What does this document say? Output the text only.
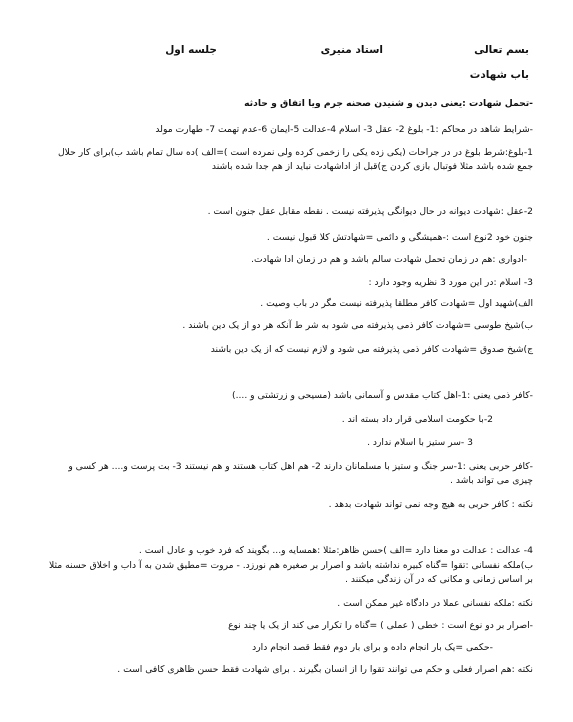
بسم تعالی
استاد منیری
جلسه اول
باب شهادت
-تحمل شهادت :یعنی دیدن و شنیدن صحنه جرم ویا اتفاق و حادثه
-شرایط شاهد در محاکم :1- بلوغ 2- عقل 3- اسلام 4-عدالت 5-ایمان 6-عدم تهمت 7- طهارت مولد
1-بلوغ:شرط بلوغ در در جراحات (یکی زده یکی را زخمی کرده ولی نمرده است )=الف )ده سال تمام باشد ب)برای کار حلال
جمع شده باشد مثلا فوتبال بازی کردن ج)قبل از اداشهادت نباید از هم جدا شده باشند
2-عقل :شهادت دیوانه در حال دیوانگی پذیرفته نیست . نقطه مقابل عقل جنون است .
جنون خود 2نوع است :-همیشگی و دائمی =شهادتش کلا قبول نیست .
-ادواری :هم در زمان تحمل شهادت سالم باشد و هم در زمان ادا شهادت.
3- اسلام :در این مورد 3 نظریه وجود دارد :
الف)شهید اول =شهادت کافر مطلقا پذیرفته نیست مگر در باب وصیت .
ب)شیخ طوسی =شهادت کافر ذمی پذیرفته می شود به شر ط آنکه هر دو از یک دین باشند .
ج)شیخ صدوق =شهادت کافر ذمی پذیرفته می شود و لازم نیست که از یک دین باشند
-کافر ذمی یعنی :1-اهل کتاب مقدس و آسمانی باشد (مسیحی و زرتشتی و ....)
2-با حکومت اسلامی قرار داد بسته اند .
3 -سر ستیز با اسلام ندارد .
-کافر حربی یعنی :1-سر جنگ و ستیز با مسلمانان دارند 2- هم اهل کتاب هستند و هم نیستند 3- بت پرست و.... هر کسی و
چیزی می تواند باشد .
نکته : کافر حربی به هیچ وجه نمی تواند شهادت بدهد .
4- عدالت : عدالت دو معنا دارد =الف )حسن ظاهر:مثلا :همسایه و... بگویند که فرد خوب و عادل است .
ب)ملکه نفسانی :تقوا =گناه کبیره نداشته باشد و اصرار بر صغیره هم نورزد. - مروت =مطیق شدن به آ داب و اخلاق حسنه مثلا
بر اساس زمانی و مکانی که در آن زندگی میکنند .
نکته :ملکه نفسانی عملا در دادگاه غیر ممکن است .
-اصرار بر دو نوع است : خطی ( عملی ) =گناه را تکرار می کند از یک یا چند نوع
-حکمی =یک بار انجام داده و برای بار دوم فقط قصد انجام دارد
نکته :هم اصرار فعلی و حکم می توانند تقوا را از انسان بگیرند . برای شهادت فقط حسن ظاهری کافی است .
